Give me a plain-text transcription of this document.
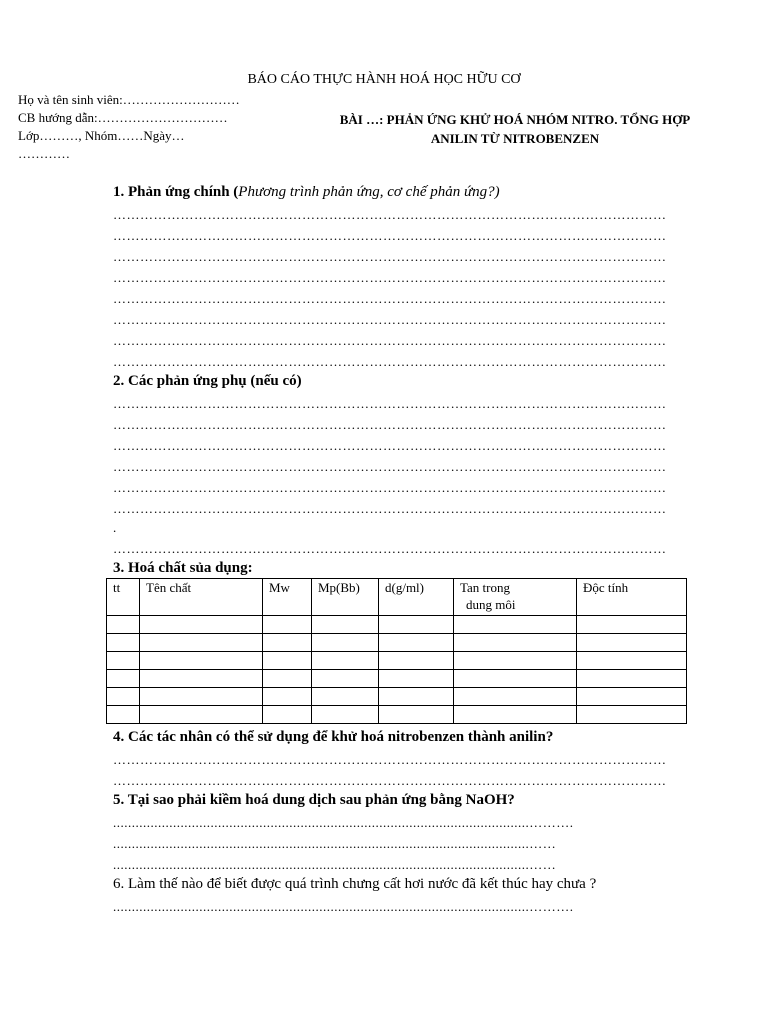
BÁO CÁO THỰC HÀNH HOÁ HỌC HỮU CƠ
Họ và tên sinh viên:………………………
CB hướng dẫn:…………………………
Lớp………, Nhóm……Ngày…
…………
BÀI …: PHẢN ỨNG KHỬ HOÁ NHÓM NITRO. TỔNG HỢP
ANILIN TỪ NITROBENZEN
1. Phản ứng chính (Phương trình phản ứng, cơ chế phản ứng?)
……………………………………………………………………………………………………………
……………………………………………………………………………………………………………
……………………………………………………………………………………………………………
……………………………………………………………………………………………………………
……………………………………………………………………………………………………………
……………………………………………………………………………………………………………
……………………………………………………………………………………………………………
……………………………………………………………………………………………………………
2. Các phản ứng phụ (nếu có)
……………………………………………………………………………………………………………
……………………………………………………………………………………………………………
……………………………………………………………………………………………………………
……………………………………………………………………………………………………………
……………………………………………………………………………………………………………
……………………………………………………………………………………………………………
.
……………………………………………………………………………………………………………
3. Hoá chất sủa dụng:
tt	Tên chất	Mw	Mp(Bb)	d(g/ml)	Tan trong
dung môi	Độc tính

4. Các tác nhân có thể sử dụng để khử hoá nitrobenzen thành anilin?
……………………………………………………………………………………………………………
……………………………………………………………………………………………………………
5. Tại sao phải kiềm hoá dung dịch sau phản ứng bằng NaOH?
...............................................................................................................……….
...............................................................................................................……
...............................................................................................................……
6. Làm thế nào để biết được quá trình chưng cất hơi nước đã kết thúc hay chưa ?
...............................................................................................................……….
